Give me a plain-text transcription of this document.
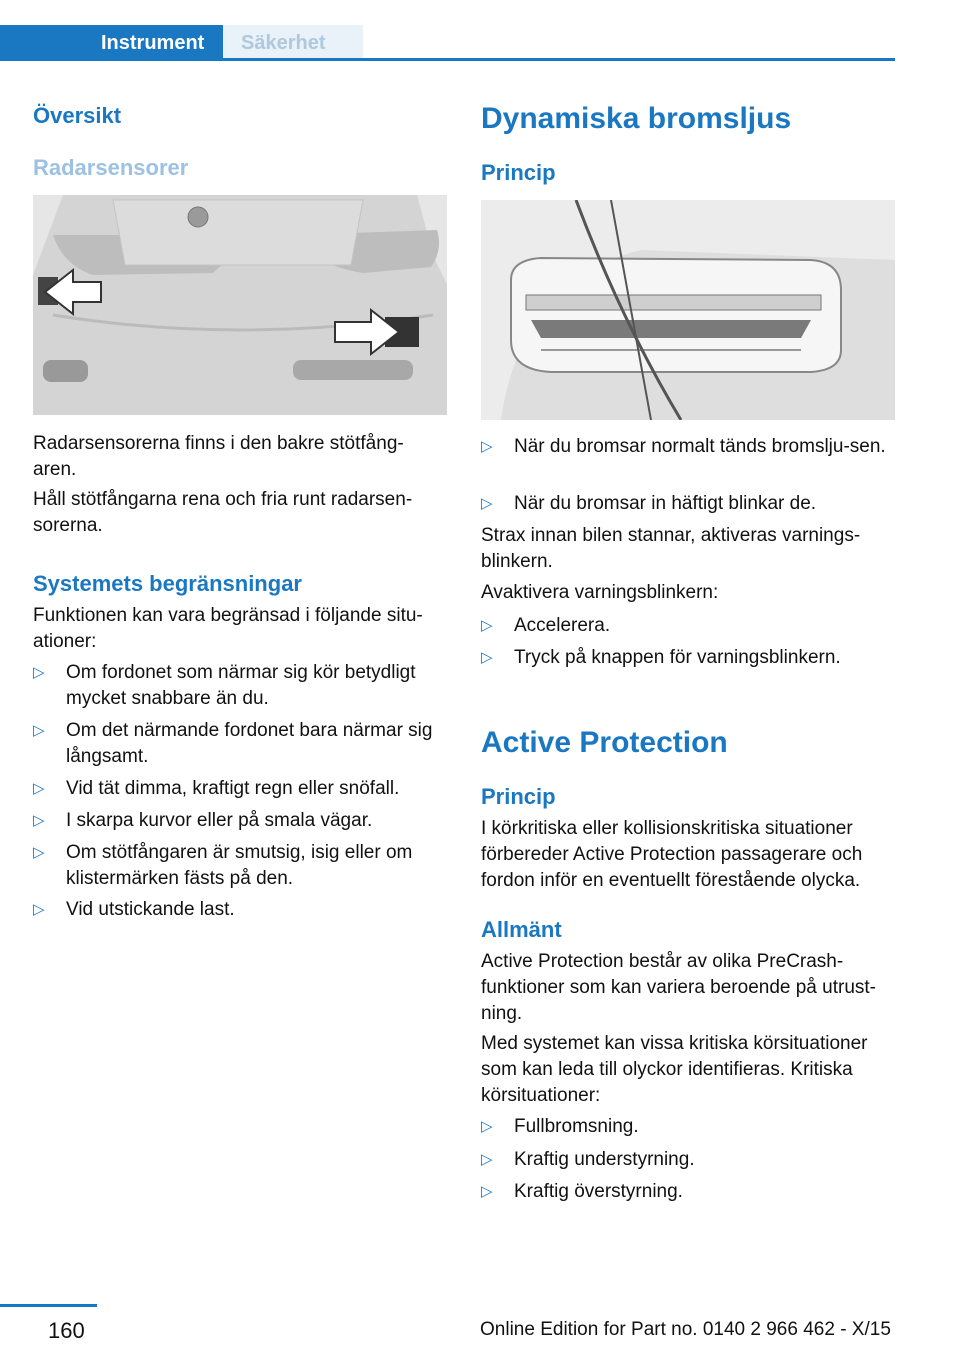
Instrument Säkerhet
Översikt
Radarsensorer

Radarsensorerna finns i den bakre stötfång-aren.

Håll stötfångarna rena och fria runt radarsen-sorerna.

Systemets begränsningar

Funktionen kan vara begränsad i följande situ-ationer:

▷ Om fordonet som närmar sig kör betydligt mycket snabbare än du.
▷ Om det närmande fordonet bara närmar sig långsamt.
▷ Vid tät dimma, kraftigt regn eller snöfall.
▷ I skarpa kurvor eller på smala vägar.
▷ Om stötfångaren är smutsig, isig eller om klistermärken fästs på den.
▷ Vid utstickande last.
Dynamiska bromsljus
Princip
▷ När du bromsar normalt tänds bromslju-sen.
▷ När du bromsar in häftigt blinkar de.

Strax innan bilen stannar, aktiveras varnings-blinkern.

Avaktivera varningsblinkern:

▷ Accelerera.
▷ Tryck på knappen för varningsblinkern.
Active Protection
Princip

I körkritiska eller kollisionskritiska situationer förbereder Active Protection passagerare och fordon inför en eventuellt förestående olycka.

Allmänt

Active Protection består av olika PreCrash-funktioner som kan variera beroende på utrust-ning.

Med systemet kan vissa kritiska körsituationer som kan leda till olyckor identifieras. Kritiska körsituationer:

▷ Fullbromsning.
▷ Kraftig understyrning.
▷ Kraftig överstyrning.
160	Online Edition for Part no. 0140 2 966 462 - X/15
